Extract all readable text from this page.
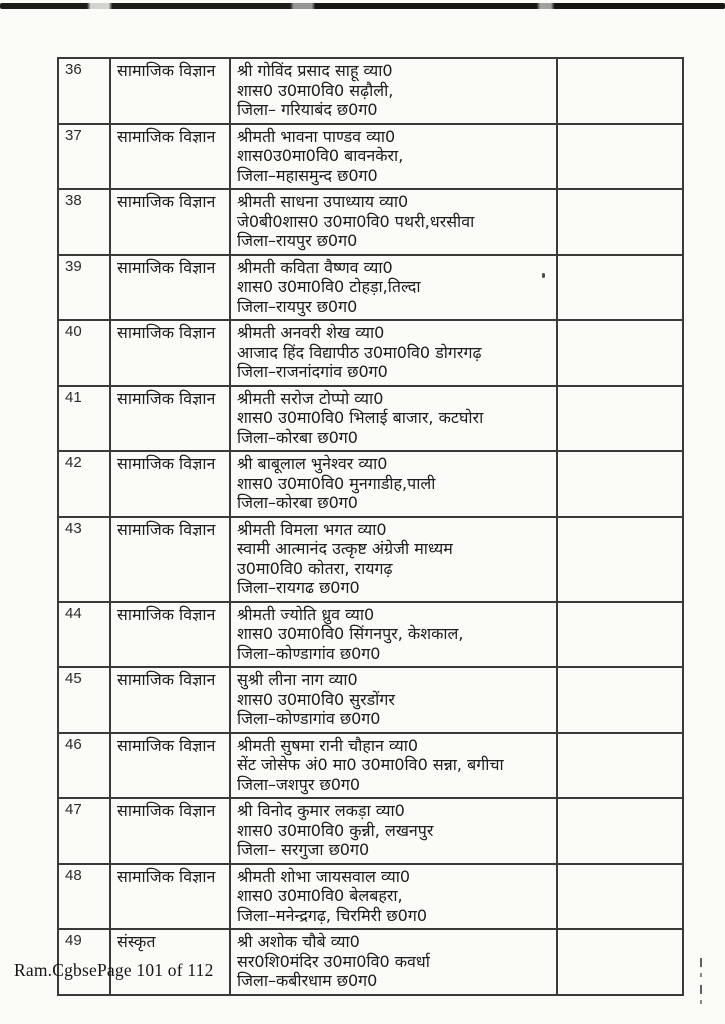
36	सामाजिक विज्ञान	श्री गोविंद प्रसाद साहू व्या0
शास0 उ0मा0वि0 सढ़ौली,
जिला– गरियाबंद छ0ग0	

37	सामाजिक विज्ञान	श्रीमती भावना पाण्डव व्या0
शास0उ0मा0वि0 बावनकेरा,
जिला–महासमुन्द छ0ग0	

38	सामाजिक विज्ञान	श्रीमती साधना उपाध्याय व्या0
जे0बी0शास0 उ0मा0वि0 पथरी,धरसीवा
जिला–रायपुर छ0ग0	

39	सामाजिक विज्ञान	श्रीमती कविता वैष्णव व्या0
शास0 उ0मा0वि0 टोहड़ा,तिल्दा
जिला–रायपुर छ0ग0	

40	सामाजिक विज्ञान	श्रीमती अनवरी शेख व्या0
आजाद हिंद विद्यापीठ उ0मा0वि0 डोगरगढ़
जिला–राजनांदगांव छ0ग0	

41	सामाजिक विज्ञान	श्रीमती सरोज टोप्पो व्या0
शास0 उ0मा0वि0 भिलाई बाजार, कटघोरा
जिला–कोरबा छ0ग0	

42	सामाजिक विज्ञान	श्री बाबूलाल भुनेश्वर व्या0
शास0 उ0मा0वि0 मुनगाडीह,पाली
जिला–कोरबा छ0ग0	

43	सामाजिक विज्ञान	श्रीमती विमला भगत व्या0
स्वामी आत्मानंद उत्कृष्ट अंग्रेजी माध्यम
उ0मा0वि0 कोतरा, रायगढ़
जिला–रायगढ छ0ग0	

44	सामाजिक विज्ञान	श्रीमती ज्योति ध्रुव व्या0
शास0 उ0मा0वि0 सिंगनपुर, केशकाल,
जिला–कोण्डागांव छ0ग0	

45	सामाजिक विज्ञान	सुश्री लीना नाग व्या0
शास0 उ0मा0वि0 सुरडोंगर
जिला–कोण्डागांव छ0ग0	

46	सामाजिक विज्ञान	श्रीमती सुषमा रानी चौहान व्या0
सेंट जोसेफ अं0 मा0 उ0मा0वि0 सन्ना, बगीचा
जिला–जशपुर छ0ग0	

47	सामाजिक विज्ञान	श्री विनोद कुमार लकड़ा व्या0
शास0 उ0मा0वि0 कुन्नी, लखनपुर
जिला– सरगुजा छ0ग0	

48	सामाजिक विज्ञान	श्रीमती शोभा जायसवाल व्या0
शास0 उ0मा0वि0 बेलबहरा,
जिला–मनेन्द्रगढ़, चिरमिरी छ0ग0	

49	संस्कृत	श्री अशोक चौबे व्या0
सर0शि0मंदिर उ0मा0वि0 कवर्धा
जिला–कबीरधाम छ0ग0	

Ram.CgbsePage 101 of 112
